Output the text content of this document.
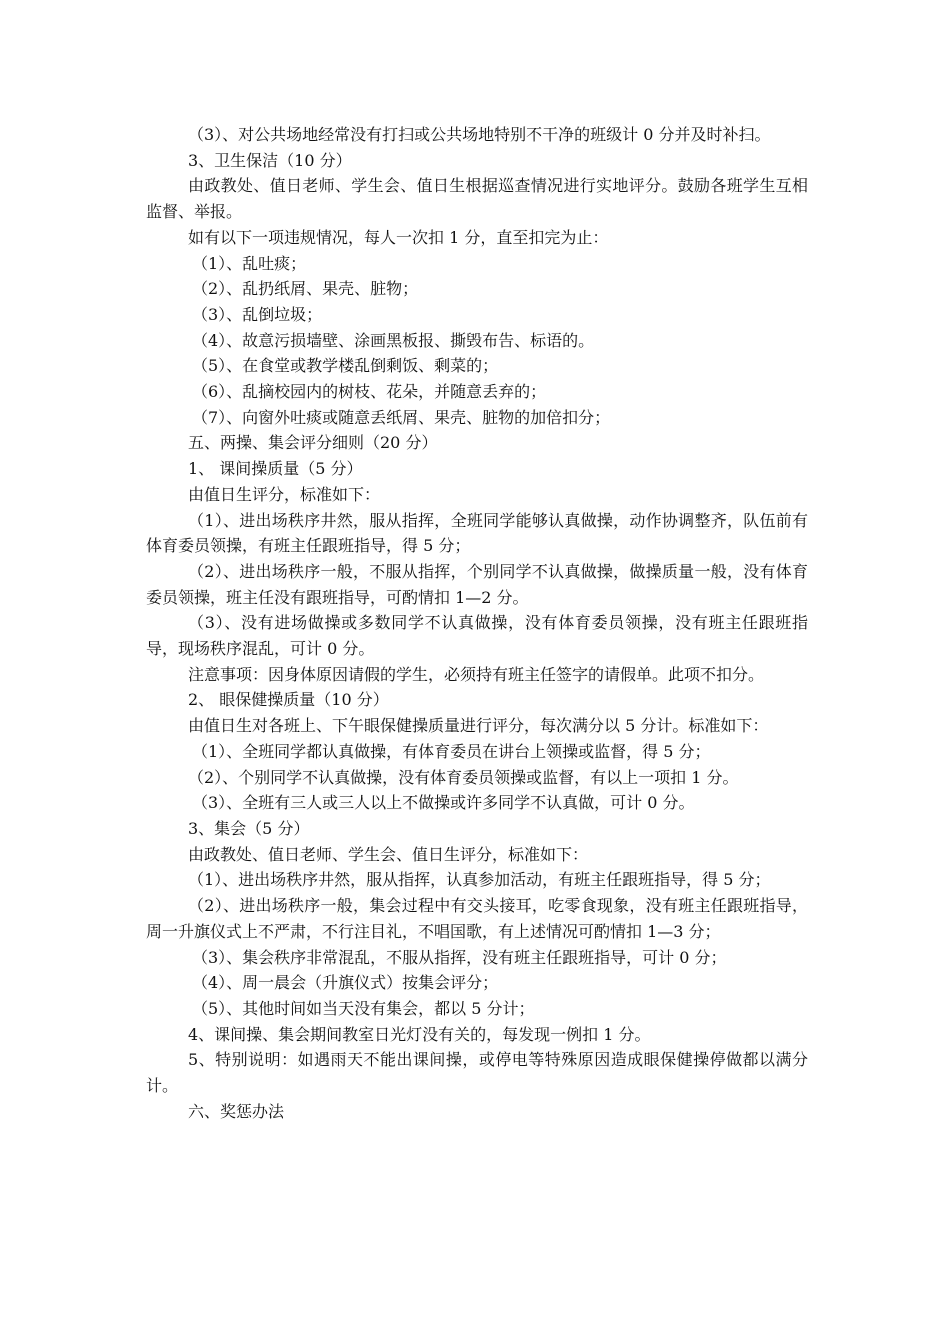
（3）、对公共场地经常没有打扫或公共场地特别不干净的班级计 0 分并及时补扫。

3、卫生保洁（10 分）

由政教处、值日老师、学生会、值日生根据巡查情况进行实地评分。鼓励各班学生互相监督、举报。

如有以下一项违规情况，每人一次扣 1 分，直至扣完为止：

（1）、乱吐痰；

（2）、乱扔纸屑、果壳、脏物；

（3）、乱倒垃圾；

（4）、故意污损墙壁、涂画黑板报、撕毁布告、标语的。

（5）、在食堂或教学楼乱倒剩饭、剩菜的；

（6）、乱摘校园内的树枝、花朵，并随意丢弃的；

（7）、向窗外吐痰或随意丢纸屑、果壳、脏物的加倍扣分；

五、两操、集会评分细则（20 分）

1、 课间操质量（5 分）

由值日生评分，标准如下：

（1）、进出场秩序井然，服从指挥，全班同学能够认真做操，动作协调整齐，队伍前有体育委员领操，有班主任跟班指导，得 5 分；

（2）、进出场秩序一般，不服从指挥，个别同学不认真做操，做操质量一般，没有体育委员领操，班主任没有跟班指导，可酌情扣 1—2 分。

（3）、没有进场做操或多数同学不认真做操，没有体育委员领操，没有班主任跟班指导，现场秩序混乱，可计 0 分。

注意事项：因身体原因请假的学生，必须持有班主任签字的请假单。此项不扣分。

2、 眼保健操质量（10 分）

由值日生对各班上、下午眼保健操质量进行评分，每次满分以 5 分计。标准如下：

（1）、全班同学都认真做操，有体育委员在讲台上领操或监督，得 5 分；

（2）、个别同学不认真做操，没有体育委员领操或监督，有以上一项扣 1 分。

（3）、全班有三人或三人以上不做操或许多同学不认真做，可计 0 分。

3、集会（5 分）

由政教处、值日老师、学生会、值日生评分，标准如下：

（1）、进出场秩序井然，服从指挥，认真参加活动，有班主任跟班指导，得 5 分；

（2）、进出场秩序一般，集会过程中有交头接耳，吃零食现象，没有班主任跟班指导，周一升旗仪式上不严肃，不行注目礼，不唱国歌，有上述情况可酌情扣 1—3 分；

（3）、集会秩序非常混乱，不服从指挥，没有班主任跟班指导，可计 0 分；

（4）、周一晨会（升旗仪式）按集会评分；

（5）、其他时间如当天没有集会，都以 5 分计；

4、课间操、集会期间教室日光灯没有关的，每发现一例扣 1 分。

5、特别说明：如遇雨天不能出课间操，或停电等特殊原因造成眼保健操停做都以满分计。

六、奖惩办法
